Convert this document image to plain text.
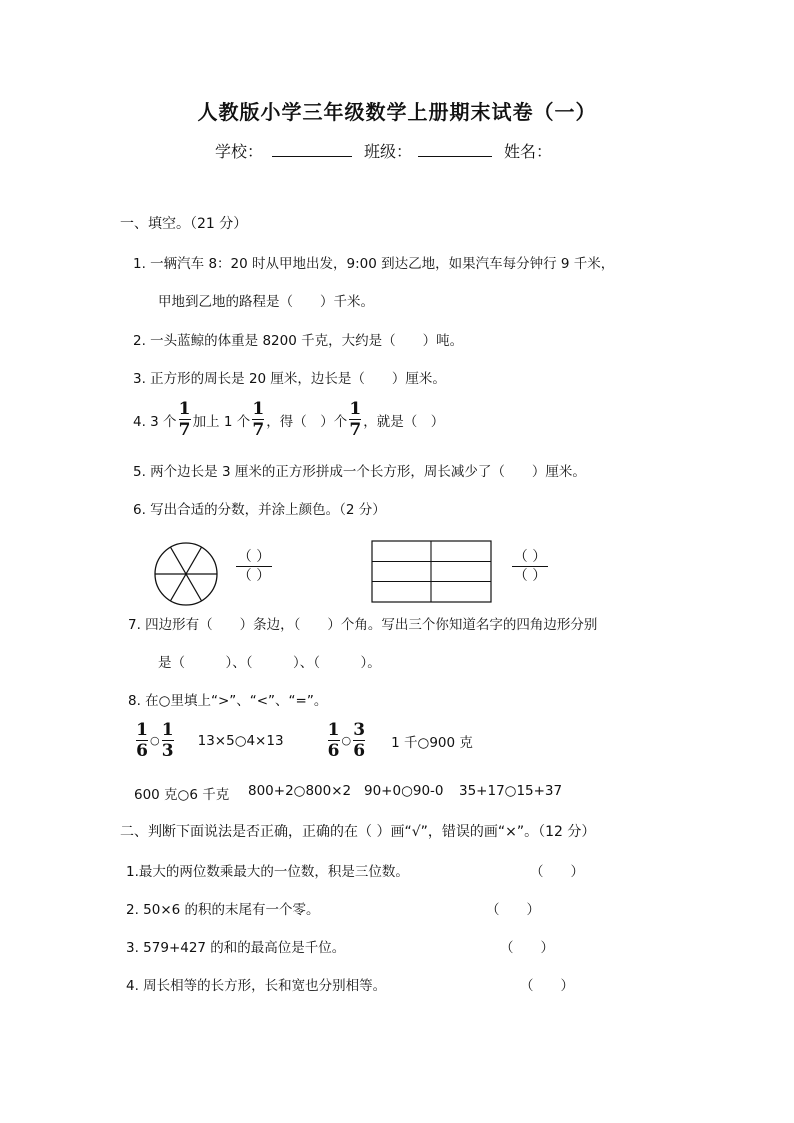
人教版小学三年级数学上册期末试卷（一）
学校：	班级：	姓名：
一、填空。（21 分）
1. 一辆汽车 8：20 时从甲地出发，9:00 到达乙地，如果汽车每分钟行 9 千米，
甲地到乙地的路程是（　　）千米。
2. 一头蓝鲸的体重是 8200 千克，大约是（　　）吨。
3. 正方形的周长是 20 厘米，边长是（　　）厘米。
4. 3 个 $\frac{1}{7}$ 加上 1 个 $\frac{1}{7}$ ，得（　）个 $\frac{1}{7}$ ，就是（　）
5. 两个边长是 3 厘米的正方形拼成一个长方形，周长减少了（　　）厘米。
6. 写出合适的分数，并涂上颜色。（2 分）
（ ）
（ ）
（ ）
（ ）
7. 四边形有（　　）条边，（　　）个角。写出三个你知道名字的四角边形分别
是（　　　）、（　　　）、（　　　）。
8. 在○里填上“>”、“<”、“=”。
$\frac{1}{6}$ ○ $\frac{1}{3}$ 13×5○4×13	$\frac{1}{6}$ ○ $\frac{3}{6} 1$ 千○900 克
600 克○6 千克 800+2○800×2 90+0○90-0 35+17○15+37
二、判断下面说法是否正确，正确的在（ ）画“√”，错误的画“×”。（12 分）
1.最大的两位数乘最大的一位数，积是三位数。	（　　）
2. 50×6 的积的末尾有一个零。	（　　）
3. 579+427 的和的最高位是千位。	（　　）
4. 周长相等的长方形，长和宽也分别相等。	（　　）
